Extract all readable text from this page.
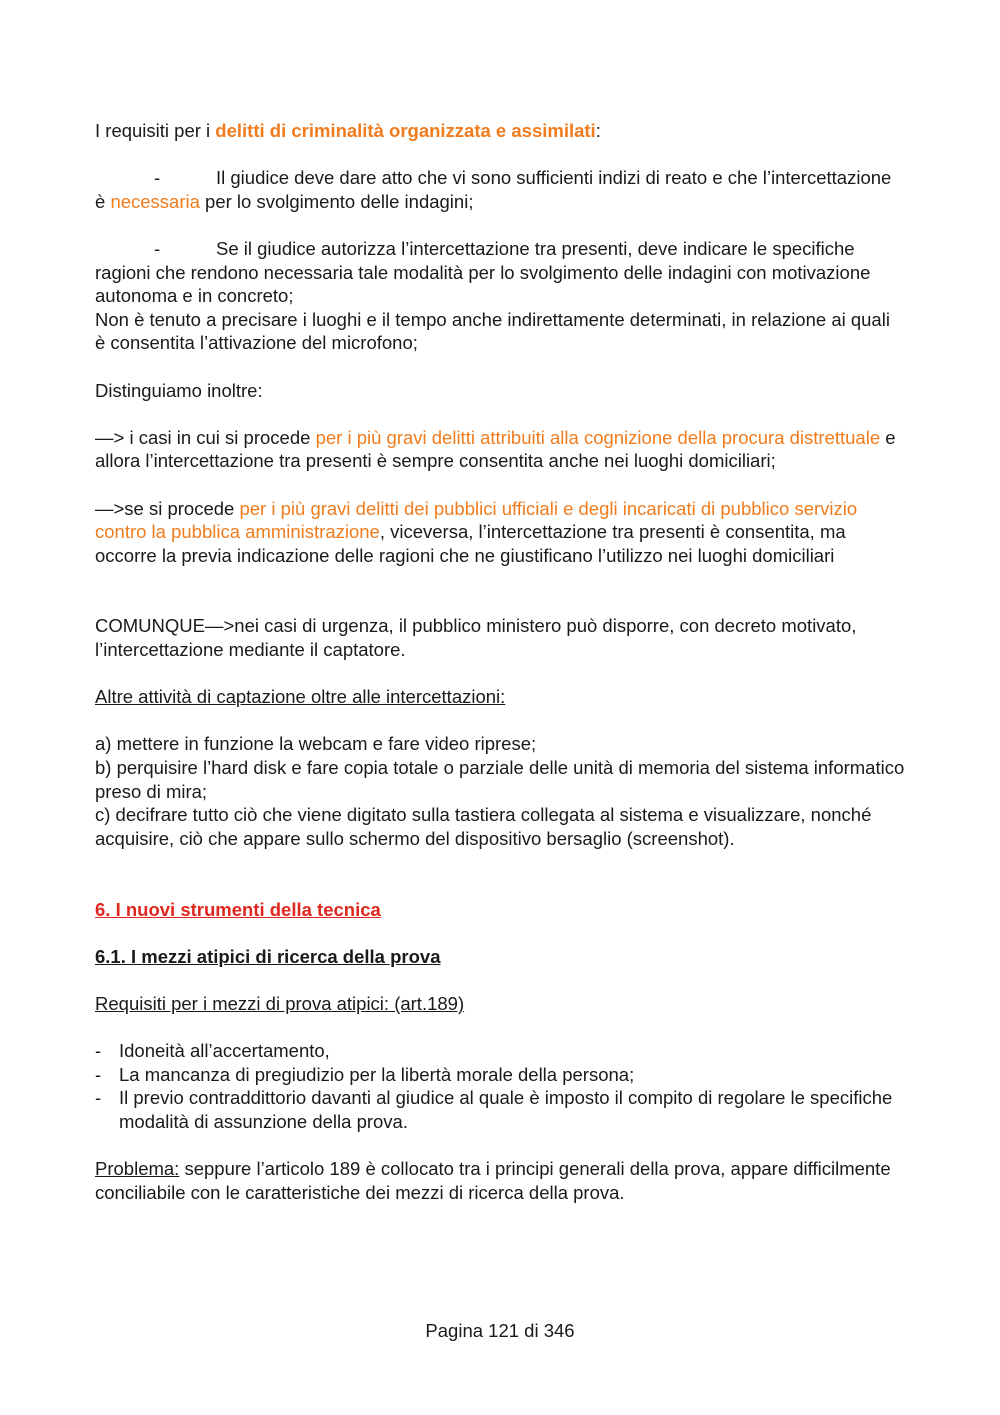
I requisiti per i delitti di criminalità organizzata e assimilati:

-	Il giudice deve dare atto che vi sono sufficienti indizi di reato e che l’intercettazione è necessaria per lo svolgimento delle indagini;

-	Se il giudice autorizza l’intercettazione tra presenti, deve indicare le specifiche ragioni che rendono necessaria tale modalità per lo svolgimento delle indagini con motivazione autonoma e in concreto;

Non è tenuto a precisare i luoghi e il tempo anche indirettamente determinati, in relazione ai quali è consentita l’attivazione del microfono;

Distinguiamo inoltre:

—> i casi in cui si procede per i più gravi delitti attribuiti alla cognizione della procura distrettuale e allora l’intercettazione tra presenti è sempre consentita anche nei luoghi domiciliari;

—>se si procede per i più gravi delitti dei pubblici ufficiali e degli incaricati di pubblico servizio contro la pubblica amministrazione, viceversa, l’intercettazione tra presenti è consentita, ma occorre la previa indicazione delle ragioni che ne giustificano l’utilizzo nei luoghi domiciliari

COMUNQUE—>nei casi di urgenza, il pubblico ministero può disporre, con decreto motivato, l’intercettazione mediante il captatore.

Altre attività di captazione oltre alle intercettazioni:

a) mettere in funzione la webcam e fare video riprese;

b) perquisire l’hard disk e fare copia totale o parziale delle unità di memoria del sistema informatico preso di mira;

c) decifrare tutto ciò che viene digitato sulla tastiera collegata al sistema e visualizzare, nonché acquisire, ciò che appare sullo schermo del dispositivo bersaglio (screenshot).

6. I nuovi strumenti della tecnica

6.1. I mezzi atipici di ricerca della prova

Requisiti per i mezzi di prova atipici: (art.189)

- Idoneità all’accertamento,
- La mancanza di pregiudizio per la libertà morale della persona;
- Il previo contraddittorio davanti al giudice al quale è imposto il compito di regolare le specifiche modalità di assunzione della prova.

Problema: seppure l’articolo 189 è collocato tra i principi generali della prova, appare difficilmente conciliabile con le caratteristiche dei mezzi di ricerca della prova.

Pagina 121 di 346
